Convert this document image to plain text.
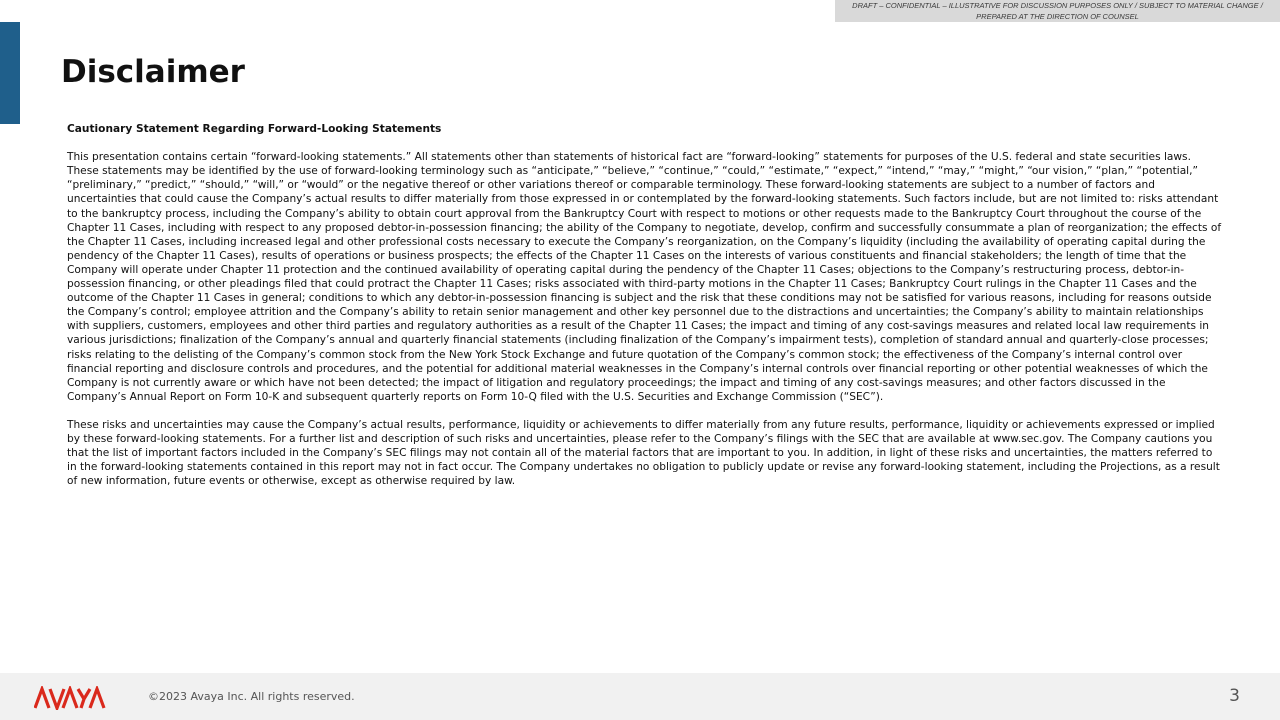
DRAFT – CONFIDENTIAL – ILLUSTRATIVE FOR DISCUSSION PURPOSES ONLY / SUBJECT TO MATERIAL CHANGE /
PREPARED AT THE DIRECTION OF COUNSEL
Disclaimer
Cautionary Statement Regarding Forward-Looking Statements

This presentation contains certain “forward-looking statements.” All statements other than statements of historical fact are “forward-looking” statements for purposes of the U.S. federal and state securities laws. These statements may be identified by the use of forward-looking terminology such as “anticipate,” “believe,” “continue,” “could,” “estimate,” “expect,” “intend,” “may,” “might,” “our vision,” “plan,” “potential,” “preliminary,” “predict,” “should,” “will,” or “would” or the negative thereof or other variations thereof or comparable terminology. These forward-looking statements are subject to a number of factors and uncertainties that could cause the Company’s actual results to differ materially from those expressed in or contemplated by the forward-looking statements. Such factors include, but are not limited to: risks attendant to the bankruptcy process, including the Company’s ability to obtain court approval from the Bankruptcy Court with respect to motions or other requests made to the Bankruptcy Court throughout the course of the Chapter 11 Cases, including with respect to any proposed debtor-in-possession financing; the ability of the Company to negotiate, develop, confirm and successfully consummate a plan of reorganization; the effects of the Chapter 11 Cases, including increased legal and other professional costs necessary to execute the Company’s reorganization, on the Company’s liquidity (including the availability of operating capital during the pendency of the Chapter 11 Cases), results of operations or business prospects; the effects of the Chapter 11 Cases on the interests of various constituents and financial stakeholders; the length of time that the Company will operate under Chapter 11 protection and the continued availability of operating capital during the pendency of the Chapter 11 Cases; objections to the Company’s restructuring process, debtor-in-possession financing, or other pleadings filed that could protract the Chapter 11 Cases; risks associated with third-party motions in the Chapter 11 Cases; Bankruptcy Court rulings in the Chapter 11 Cases and the outcome of the Chapter 11 Cases in general; conditions to which any debtor-in-possession financing is subject and the risk that these conditions may not be satisfied for various reasons, including for reasons outside the Company’s control; employee attrition and the Company’s ability to retain senior management and other key personnel due to the distractions and uncertainties; the Company’s ability to maintain relationships with suppliers, customers, employees and other third parties and regulatory authorities as a result of the Chapter 11 Cases; the impact and timing of any cost-savings measures and related local law requirements in various jurisdictions; finalization of the Company’s annual and quarterly financial statements (including finalization of the Company’s impairment tests), completion of standard annual and quarterly-close processes; risks relating to the delisting of the Company’s common stock from the New York Stock Exchange and future quotation of the Company’s common stock; the effectiveness of the Company’s internal control over financial reporting and disclosure controls and procedures, and the potential for additional material weaknesses in the Company’s internal controls over financial reporting or other potential weaknesses of which the Company is not currently aware or which have not been detected; the impact of litigation and regulatory proceedings; the impact and timing of any cost-savings measures; and other factors discussed in the Company’s Annual Report on Form 10-K and subsequent quarterly reports on Form 10-Q filed with the U.S. Securities and Exchange Commission (“SEC”).

These risks and uncertainties may cause the Company’s actual results, performance, liquidity or achievements to differ materially from any future results, performance, liquidity or achievements expressed or implied by these forward-looking statements. For a further list and description of such risks and uncertainties, please refer to the Company’s filings with the SEC that are available at www.sec.gov. The Company cautions you that the list of important factors included in the Company’s SEC filings may not contain all of the material factors that are important to you. In addition, in light of these risks and uncertainties, the matters referred to in the forward-looking statements contained in this report may not in fact occur. The Company undertakes no obligation to publicly update or revise any forward-looking statement, including the Projections, as a result of new information, future events or otherwise, except as otherwise required by law.

©2023 Avaya Inc. All rights reserved.	3
